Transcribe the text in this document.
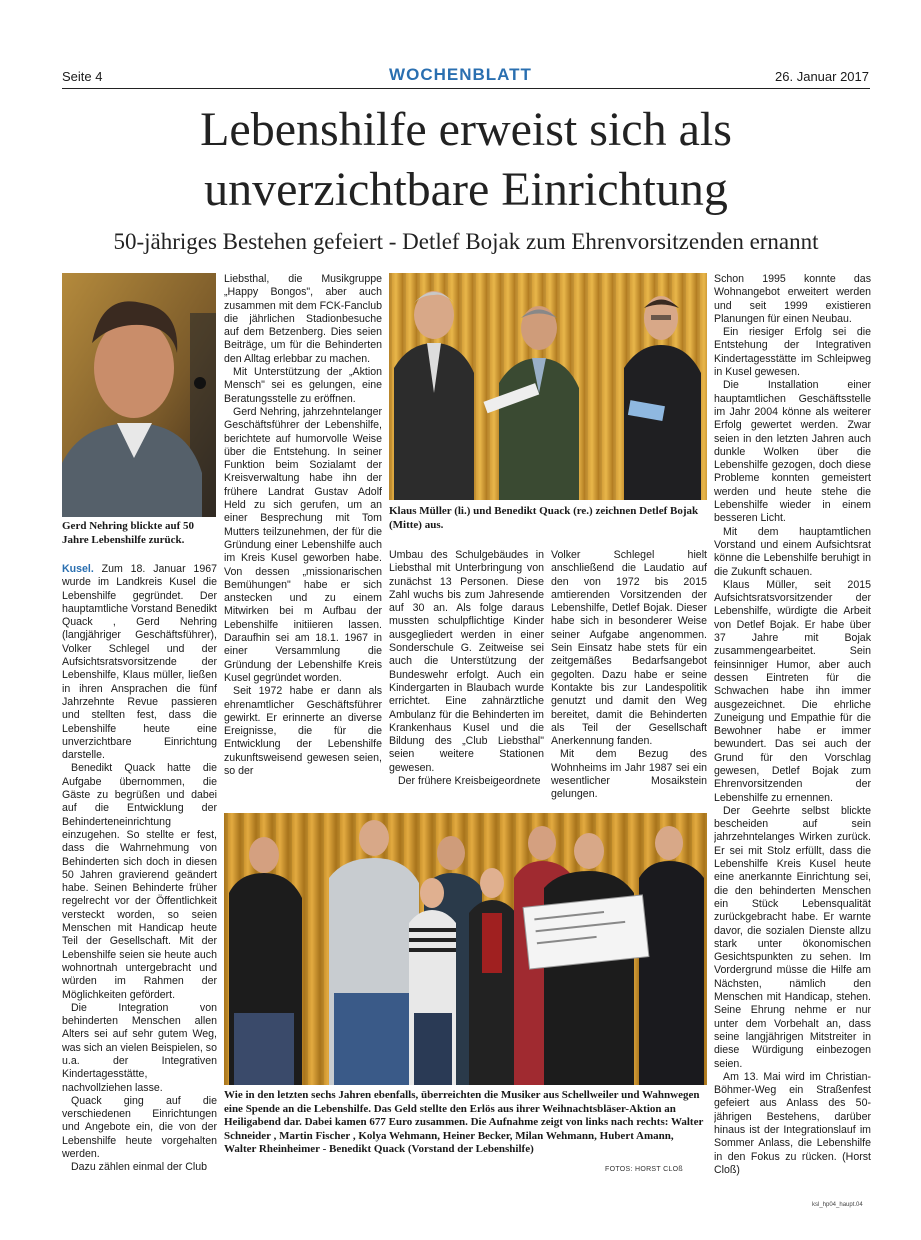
Seite 4	WOCHENBLATT	26. Januar 2017
Lebenshilfe erweist sich als
unverzichtbare Einrichtung
50-jähriges Bestehen gefeiert - Detlef Bojak zum Ehrenvorsitzenden ernannt
Gerd Nehring blickte auf 50 Jahre Lebenshilfe zurück.
Klaus Müller (li.) und Benedikt Quack (re.) zeichnen Detlef Bojak (Mitte) aus.

Kusel. Zum 18. Januar 1967 wurde im Landkreis Kusel die Lebenshilfe gegründet. Der hauptamtliche Vorstand Benedikt Quack , Gerd Nehring (langjähriger Geschäftsführer), Volker Schlegel und der Aufsichtsratsvorsitzende der Lebenshilfe, Klaus müller, ließen in ihren Ansprachen die fünf Jahrzehnte Revue passieren und stellten fest, dass die Lebenshilfe heute eine unverzichtbare Einrichtung darstelle.

Benedikt Quack hatte die Aufgabe übernommen, die Gäste zu begrüßen und dabei auf die Entwicklung der Behinderteneinrichtung einzugehen. So stellte er fest, dass die Wahrnehmung von Behinderten sich doch in diesen 50 Jahren gravierend geändert habe. Seinen Behinderte früher regelrecht vor der Öffentlichkeit versteckt worden, so seien Menschen mit Handicap heute Teil der Gesellschaft. Mit der Lebenshilfe seien sie heute auch wohnortnah untergebracht und würden im Rahmen der Möglichkeiten gefördert.

Die Integration von behinderten Menschen allen Alters sei auf sehr gutem Weg, was sich an vielen Beispielen, so u.a. der Integrativen Kindertagesstätte, nachvollziehen lasse.

Quack ging auf die verschiedenen Einrichtungen und Angebote ein, die von der Lebenshilfe heute vorgehalten werden.

Dazu zählen einmal der Club

Liebsthal, die Musikgruppe „Happy Bongos", aber auch zusammen mit dem FCK-Fanclub die jährlichen Stadionbesuche auf dem Betzenberg. Dies seien Beiträge, um für die Behinderten den Alltag erlebbar zu machen.

Mit Unterstützung der „Aktion Mensch" sei es gelungen, eine Beratungsstelle zu eröffnen.

Gerd Nehring, jahrzehntelanger Geschäftsführer der Lebenshilfe, berichtete auf humorvolle Weise über die Entstehung. In seiner Funktion beim Sozialamt der Kreisverwaltung habe ihn der frühere Landrat Gustav Adolf Held zu sich gerufen, um an einer Besprechung mit Tom Mutters teilzunehmen, der für die Gründung einer Lebenshilfe auch im Kreis Kusel geworben habe. Von dessen „missionarischen Bemühungen" habe er sich anstecken und zu einem Mitwirken bei m Aufbau der Lebenshilfe initiieren lassen. Daraufhin sei am 18.1. 1967 in einer Versammlung die Gründung der Lebenshilfe Kreis Kusel gegründet worden.

Seit 1972 habe er dann als ehrenamtlicher Geschäftsführer gewirkt. Er erinnerte an diverse Ereignisse, die für die Entwicklung der Lebenshilfe zukunftsweisend gewesen seien, so der

Umbau des Schulgebäudes in Liebsthal mit Unterbringung von zunächst 13 Personen. Diese Zahl wuchs bis zum Jahresende auf 30 an. Als folge daraus mussten schulpflichtige Kinder ausgegliedert werden in einer Sonderschule G. Zeitweise sei auch die Unterstützung der Bundeswehr erfolgt. Auch ein Kindergarten in Blaubach wurde errichtet. Eine zahnärztliche Ambulanz für die Behinderten im Krankenhaus Kusel und die Bildung des „Club Liebsthal" seien weitere Stationen gewesen.

Der frühere Kreisbeigeordnete

Volker Schlegel hielt anschließend die Laudatio auf den von 1972 bis 2015 amtierenden Vorsitzenden der Lebenshilfe, Detlef Bojak. Dieser habe sich in besonderer Weise seiner Aufgabe angenommen. Sein Einsatz habe stets für ein zeitgemäßes Bedarfsangebot gegolten. Dazu habe er seine Kontakte bis zur Landespolitik genutzt und damit den Weg bereitet, damit die Behinderten als Teil der Gesellschaft Anerkennung fanden.

Mit dem Bezug des Wohnheims im Jahr 1987 sei ein wesentlicher Mosaikstein gelungen.

Schon 1995 konnte das Wohnangebot erweitert werden und seit 1999 existieren Planungen für einen Neubau.

Ein riesiger Erfolg sei die Entstehung der Integrativen Kindertagesstätte im Schleipweg in Kusel gewesen.

Die Installation einer hauptamtlichen Geschäftsstelle im Jahr 2004 könne als weiterer Erfolg gewertet werden. Zwar seien in den letzten Jahren auch dunkle Wolken über die Lebenshilfe gezogen, doch diese Probleme konnten gemeistert werden und heute stehe die Lebenshilfe wieder in einem besseren Licht.

Mit dem hauptamtlichen Vorstand und einem Aufsichtsrat könne die Lebenshilfe beruhigt in die Zukunft schauen.

Klaus Müller, seit 2015 Aufsichtsratsvorsitzender der Lebenshilfe, würdigte die Arbeit von Detlef Bojak. Er habe über 37 Jahre mit Bojak zusammengearbeitet. Sein feinsinniger Humor, aber auch dessen Eintreten für die Schwachen habe ihn immer ausgezeichnet. Die ehrliche Zuneigung und Empathie für die Bewohner habe er immer bewundert. Das sei auch der Grund für den Vorschlag gewesen, Detlef Bojak zum Ehrenvorsitzenden der Lebenshilfe zu ernennen.

Der Geehrte selbst blickte bescheiden auf sein jahrzehntelanges Wirken zurück. Er sei mit Stolz erfüllt, dass die Lebenshilfe Kreis Kusel heute eine anerkannte Einrichtung sei, die den behinderten Menschen ein Stück Lebensqualität zurückgebracht habe. Er warnte davor, die sozialen Dienste allzu stark unter ökonomischen Gesichtspunkten zu sehen. Im Vordergrund müsse die Hilfe am Nächsten, nämlich den Menschen mit Handicap, stehen. Seine Ehrung nehme er nur unter dem Vorbehalt an, dass seine langjährigen Mitstreiter in diese Würdigung einbezogen seien.

Am 13. Mai wird im Christian-Böhmer-Weg ein Straßenfest gefeiert aus Anlass des 50-jährigen Bestehens, darüber hinaus ist der Integrationslauf im Sommer Anlass, die Lebenshilfe in den Fokus zu rücken. (Horst Cloß)

Wie in den letzten sechs Jahren ebenfalls, überreichten die Musiker aus Schellweiler und Wahnwegen eine Spende an die Lebenshilfe. Das Geld stellte den Erlös aus ihrer Weihnachtsbläser-Aktion an Heiligabend dar. Dabei kamen 677 Euro zusammen. Die Aufnahme zeigt von links nach rechts: Walter Schneider , Martin Fischer , Kolya Wehmann, Heiner Becker, Milan Wehmann, Hubert Amann, Walter Rheinheimer - Benedikt Quack (Vorstand der Lebenshilfe)
FOTOS: HORST CLOß
ksl_hp04_haupt.04
